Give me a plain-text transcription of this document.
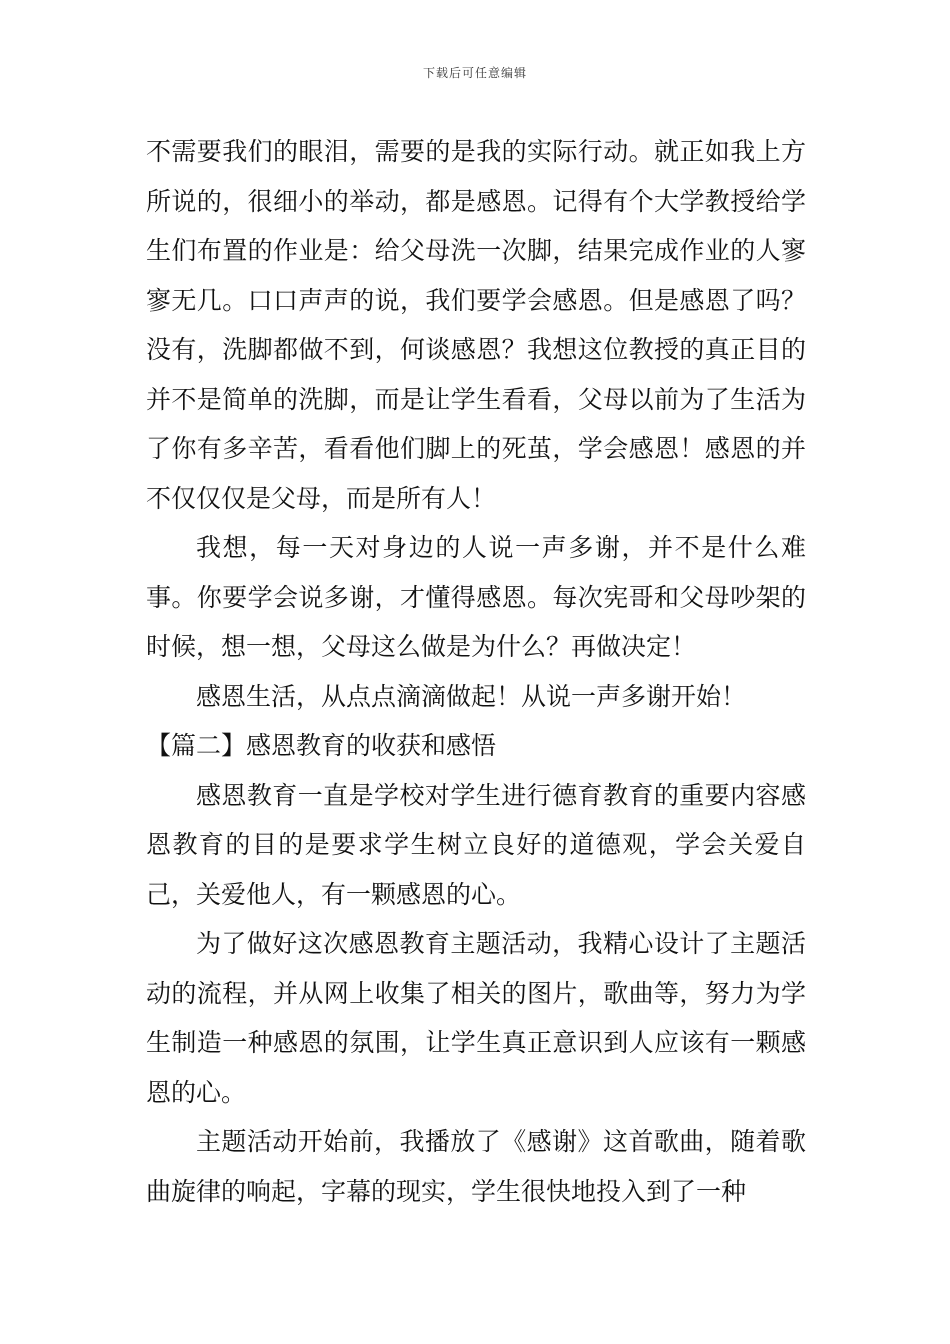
下载后可任意编辑

不需要我们的眼泪，需要的是我的实际行动。就正如我上方所说的，很细小的举动，都是感恩。记得有个大学教授给学生们布置的作业是：给父母洗一次脚，结果完成作业的人寥寥无几。口口声声的说，我们要学会感恩。但是感恩了吗？没有，洗脚都做不到，何谈感恩？我想这位教授的真正目的并不是简单的洗脚，而是让学生看看，父母以前为了生活为了你有多辛苦，看看他们脚上的死茧，学会感恩！感恩的并不仅仅仅是父母，而是所有人！

我想，每一天对身边的人说一声多谢，并不是什么难事。你要学会说多谢，才懂得感恩。每次宪哥和父母吵架的时候，想一想，父母这么做是为什么？再做决定！

感恩生活，从点点滴滴做起！从说一声多谢开始！

【篇二】感恩教育的收获和感悟

感恩教育一直是学校对学生进行德育教育的重要内容感恩教育的目的是要求学生树立良好的道德观，学会关爱自己，关爱他人，有一颗感恩的心。

为了做好这次感恩教育主题活动，我精心设计了主题活动的流程，并从网上收集了相关的图片，歌曲等，努力为学生制造一种感恩的氛围，让学生真正意识到人应该有一颗感恩的心。

主题活动开始前，我播放了《感谢》这首歌曲，随着歌曲旋律的响起，字幕的现实，学生很快地投入到了一种
